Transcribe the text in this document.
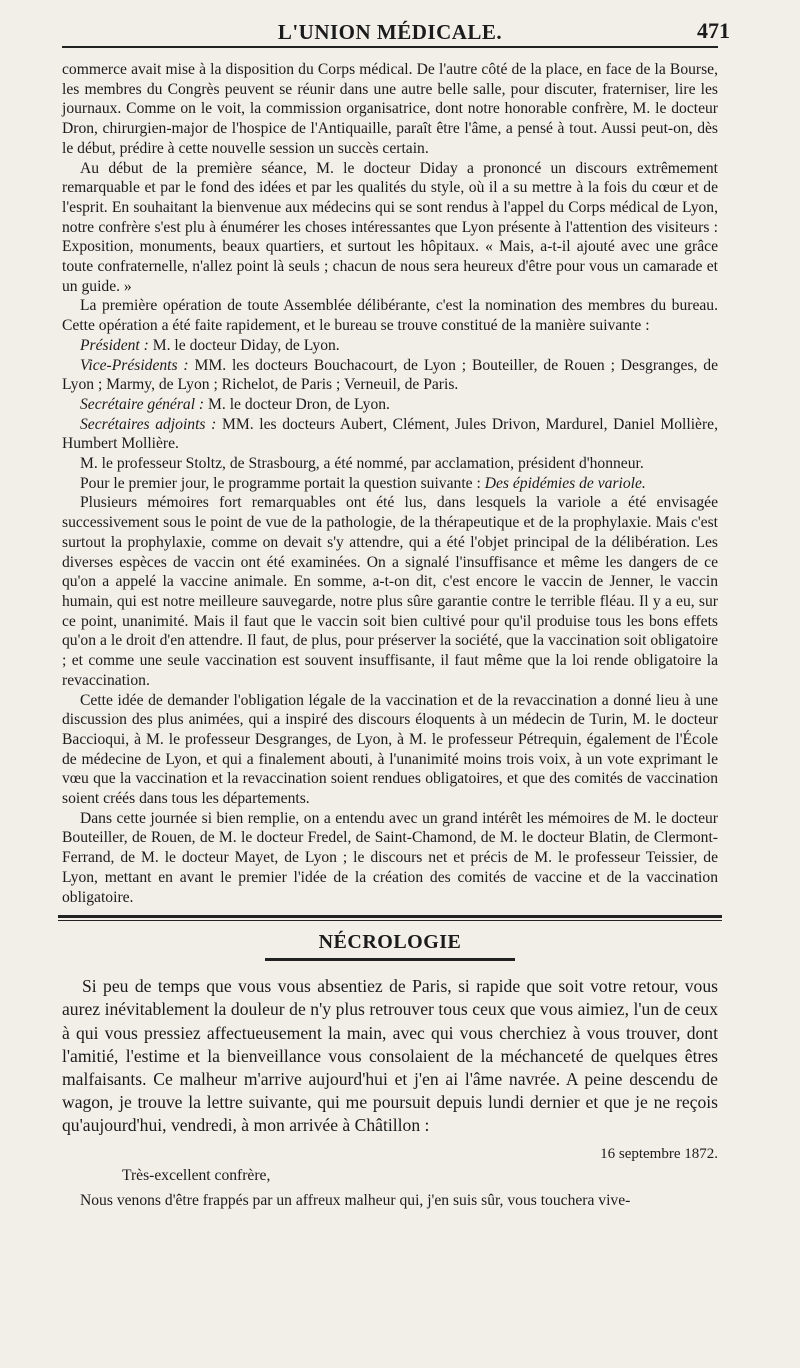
L'UNION MÉDICALE.	471

commerce avait mise à la disposition du Corps médical. De l'autre côté de la place, en face de la Bourse, les membres du Congrès peuvent se réunir dans une autre belle salle, pour discuter, fraterniser, lire les journaux. Comme on le voit, la commission organisatrice, dont notre honorable confrère, M. le docteur Dron, chirurgien-major de l'hospice de l'Antiquaille, paraît être l'âme, a pensé à tout. Aussi peut-on, dès le début, prédire à cette nouvelle session un succès certain.

Au début de la première séance, M. le docteur Diday a prononcé un discours extrêmement remarquable et par le fond des idées et par les qualités du style, où il a su mettre à la fois du cœur et de l'esprit. En souhaitant la bienvenue aux médecins qui se sont rendus à l'appel du Corps médical de Lyon, notre confrère s'est plu à énumérer les choses intéressantes que Lyon présente à l'attention des visiteurs : Exposition, monuments, beaux quartiers, et surtout les hôpitaux. « Mais, a-t-il ajouté avec une grâce toute confraternelle, n'allez point là seuls ; chacun de nous sera heureux d'être pour vous un camarade et un guide. »

La première opération de toute Assemblée délibérante, c'est la nomination des membres du bureau. Cette opération a été faite rapidement, et le bureau se trouve constitué de la manière suivante :

Président : M. le docteur Diday, de Lyon.

Vice-Présidents : MM. les docteurs Bouchacourt, de Lyon ; Bouteiller, de Rouen ; Desgranges, de Lyon ; Marmy, de Lyon ; Richelot, de Paris ; Verneuil, de Paris.

Secrétaire général : M. le docteur Dron, de Lyon.

Secrétaires adjoints : MM. les docteurs Aubert, Clément, Jules Drivon, Mardurel, Daniel Mollière, Humbert Mollière.

M. le professeur Stoltz, de Strasbourg, a été nommé, par acclamation, président d'honneur.

Pour le premier jour, le programme portait la question suivante : Des épidémies de variole.

Plusieurs mémoires fort remarquables ont été lus, dans lesquels la variole a été envisagée successivement sous le point de vue de la pathologie, de la thérapeutique et de la prophylaxie. Mais c'est surtout la prophylaxie, comme on devait s'y attendre, qui a été l'objet principal de la délibération. Les diverses espèces de vaccin ont été examinées. On a signalé l'insuffisance et même les dangers de ce qu'on a appelé la vaccine animale. En somme, a-t-on dit, c'est encore le vaccin de Jenner, le vaccin humain, qui est notre meilleure sauvegarde, notre plus sûre garantie contre le terrible fléau. Il y a eu, sur ce point, unanimité. Mais il faut que le vaccin soit bien cultivé pour qu'il produise tous les bons effets qu'on a le droit d'en attendre. Il faut, de plus, pour préserver la société, que la vaccination soit obligatoire ; et comme une seule vaccination est souvent insuffisante, il faut même que la loi rende obligatoire la revaccination.

Cette idée de demander l'obligation légale de la vaccination et de la revaccination a donné lieu à une discussion des plus animées, qui a inspiré des discours éloquents à un médecin de Turin, M. le docteur Baccioqui, à M. le professeur Desgranges, de Lyon, à M. le professeur Pétrequin, également de l'École de médecine de Lyon, et qui a finalement abouti, à l'unanimité moins trois voix, à un vote exprimant le vœu que la vaccination et la revaccination soient rendues obligatoires, et que des comités de vaccination soient créés dans tous les départements.

Dans cette journée si bien remplie, on a entendu avec un grand intérêt les mémoires de M. le docteur Bouteiller, de Rouen, de M. le docteur Fredel, de Saint-Chamond, de M. le docteur Blatin, de Clermont-Ferrand, de M. le docteur Mayet, de Lyon ; le discours net et précis de M. le professeur Teissier, de Lyon, mettant en avant le premier l'idée de la création des comités de vaccine et de la vaccination obligatoire.

NÉCROLOGIE

Si peu de temps que vous vous absentiez de Paris, si rapide que soit votre retour, vous aurez inévitablement la douleur de n'y plus retrouver tous ceux que vous aimiez, l'un de ceux à qui vous pressiez affectueusement la main, avec qui vous cherchiez à vous trouver, dont l'amitié, l'estime et la bienveillance vous consolaient de la méchanceté de quelques êtres malfaisants. Ce malheur m'arrive aujourd'hui et j'en ai l'âme navrée. A peine descendu de wagon, je trouve la lettre suivante, qui me poursuit depuis lundi dernier et que je ne reçois qu'aujourd'hui, vendredi, à mon arrivée à Châtillon :

16 septembre 1872.
Très-excellent confrère,

Nous venons d'être frappés par un affreux malheur qui, j'en suis sûr, vous touchera vive-
